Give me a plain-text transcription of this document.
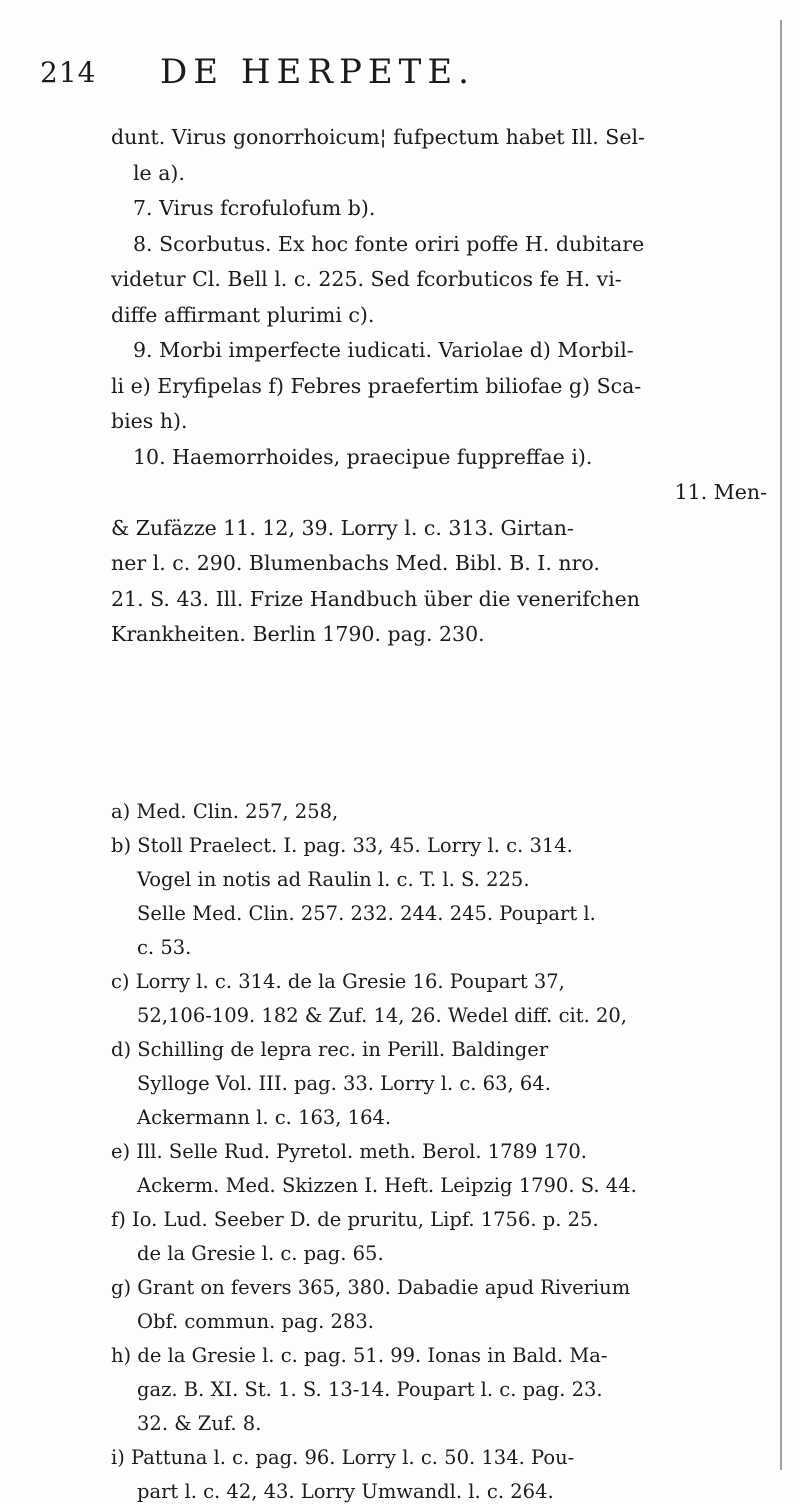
214 DE HERPETE.
dunt. Virus gonorrhoicum¦ fufpectum habet Ill. Sel-
le a).
7. Virus fcrofulofum b).
8. Scorbutus. Ex hoc fonte oriri poffe H. dubitare
videtur Cl. Bell l. c. 225. Sed fcorbuticos fe H. vi-
diffe affirmant plurimi c).
9. Morbi imperfecte iudicati. Variolae d) Morbil-
li e) Eryfipelas f) Febres praefertim biliofae g) Sca-
bies h).
10. Haemorrhoides, praecipue fuppreffae i).
11. Men-
& Zufäzze 11. 12, 39. Lorry l. c. 313. Girtan-
ner l. c. 290. Blumenbachs Med. Bibl. B. I. nro.
21. S. 43. Ill. Frize Handbuch über die venerifchen
Krankheiten. Berlin 1790. pag. 230.
a) Med. Clin. 257, 258,
b) Stoll Praelect. I. pag. 33, 45. Lorry l. c. 314.
Vogel in notis ad Raulin l. c. T. l. S. 225.
Selle Med. Clin. 257. 232. 244. 245. Poupart l.
c. 53.
c) Lorry l. c. 314. de la Gresie 16. Poupart 37,
52,106-109. 182 & Zuf. 14, 26. Wedel diff. cit. 20,
d) Schilling de lepra rec. in Perill. Baldinger
Sylloge Vol. III. pag. 33. Lorry l. c. 63, 64.
Ackermann l. c. 163, 164.
e) Ill. Selle Rud. Pyretol. meth. Berol. 1789 170.
Ackerm. Med. Skizzen I. Heft. Leipzig 1790. S. 44.
f) Io. Lud. Seeber D. de pruritu, Lipf. 1756. p. 25.
de la Gresie l. c. pag. 65.
g) Grant on fevers 365, 380. Dabadie apud Riverium
Obf. commun. pag. 283.
h) de la Gresie l. c. pag. 51. 99. Ionas in Bald. Ma-
gaz. B. XI. St. 1. S. 13-14. Poupart l. c. pag. 23.
32. & Zuf. 8.
i) Pattuna l. c. pag. 96. Lorry l. c. 50. 134. Pou-
part l. c. 42, 43. Lorry Umwandl. l. c. 264.
